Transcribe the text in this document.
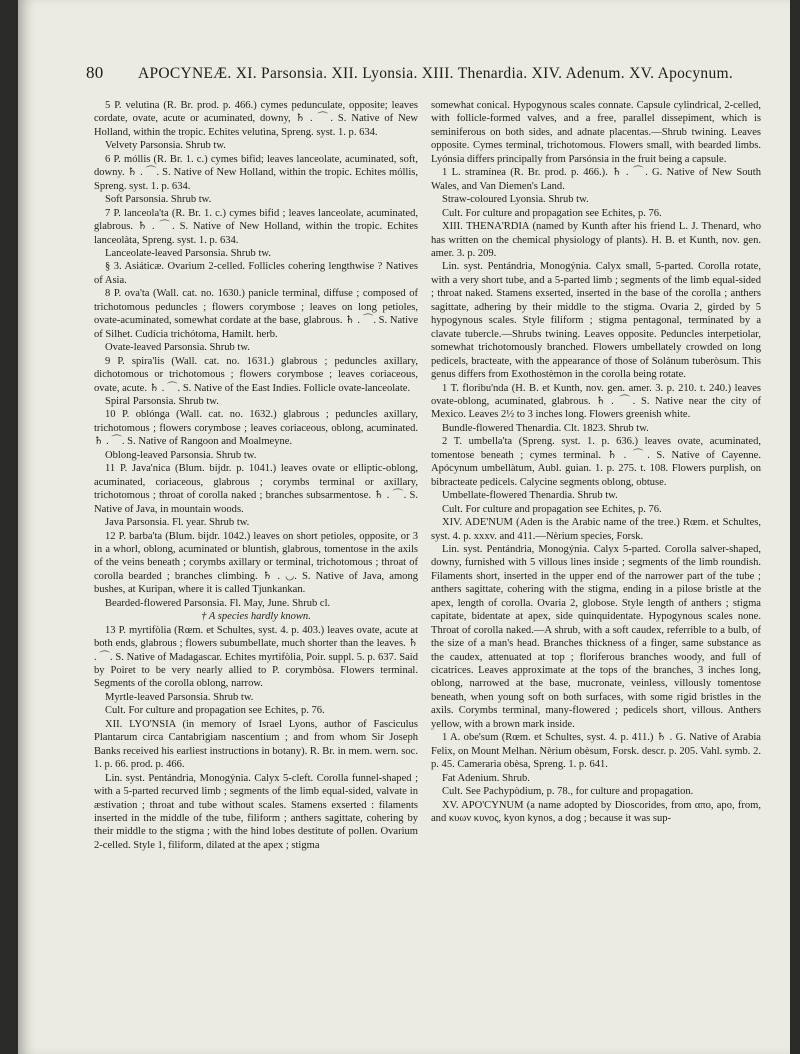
80 APOCYNEÆ. XI. Parsonsia. XII. Lyonsia. XIII. Thenardia. XIV. Adenum. XV. Apocynum.

5 P. velutìna (R. Br. prod. p. 466.) cymes pedunculate, opposite; leaves cordate, ovate, acute or acuminated, downy, ♄ . ⌒. S. Native of New Holland, within the tropic. Echites velutìna, Spreng. syst. 1. p. 634.

Velvety Parsonsia. Shrub tw.

6 P. móllis (R. Br. 1. c.) cymes bifid; leaves lanceolate, acuminated, soft, downy. ♄ . ⌒. S. Native of New Holland, within the tropic. Echìtes móllis, Spreng. syst. 1. p. 634.

Soft Parsonsia. Shrub tw.

7 P. lanceola'ta (R. Br. 1. c.) cymes bifid ; leaves lanceolate, acuminated, glabrous. ♄ . ⌒. S. Native of New Holland, within the tropic. Echites lanceolàta, Spreng. syst. 1. p. 634.

Lanceolate-leaved Parsonsia. Shrub tw.

§ 3. Asiáticæ. Ovarium 2-celled. Follicles cohering lengthwise ? Natives of Asia.

8 P. ova'ta (Wall. cat. no. 1630.) panicle terminal, diffuse ; composed of trichotomous peduncles ; flowers corymbose ; leaves on long petioles, ovate-acuminated, somewhat cordate at the base, glabrous. ♄ . ⌒. S. Native of Silhet. Cudícia trichótoma, Hamilt. herb.

Ovate-leaved Parsonsia. Shrub tw.

9 P. spira'lis (Wall. cat. no. 1631.) glabrous ; peduncles axillary, dichotomous or trichotomous ; flowers corymbose ; leaves coriaceous, ovate, acute. ♄ . ⌒. S. Native of the East Indies. Follicle ovate-lanceolate.

Spiral Parsonsia. Shrub tw.

10 P. oblónga (Wall. cat. no. 1632.) glabrous ; peduncles axillary, trichotomous ; flowers corymbose ; leaves coriaceous, oblong, acuminated. ♄ . ⌒. S. Native of Rangoon and Moalmeyne.

Oblong-leaved Parsonsia. Shrub tw.

11 P. Java'nica (Blum. bijdr. p. 1041.) leaves ovate or elliptic-oblong, acuminated, coriaceous, glabrous ; corymbs terminal or axillary, trichotomous ; throat of corolla naked ; branches subsarmentose. ♄ . ⌒. S. Native of Java, in mountain woods.

Java Parsonsia. Fl. year. Shrub tw.

12 P. barba'ta (Blum. bijdr. 1042.) leaves on short petioles, opposite, or 3 in a whorl, oblong, acuminated or bluntish, glabrous, tomentose in the axils of the veins beneath ; corymbs axillary or terminal, trichotomous ; throat of corolla bearded ; branches climbing. ♄ . ◡. S. Native of Java, among bushes, at Kuripan, where it is called Tjunkankan.

Bearded-flowered Parsonsia. Fl. May, June. Shrub cl.

† A species hardly known.

13 P. myrtifòlia (Rœm. et Schultes, syst. 4. p. 403.) leaves ovate, acute at both ends, glabrous ; flowers subumbellate, much shorter than the leaves. ♄ . ⌒. S. Native of Madagascar. Echites myrtifòlia, Poir. suppl. 5. p. 637. Said by Poiret to be very nearly allied to P. corymbòsa. Flowers terminal. Segments of the corolla oblong, narrow.

Myrtle-leaved Parsonsia. Shrub tw.

Cult. For culture and propagation see Echites, p. 76.

XII. LYO'NSIA (in memory of Israel Lyons, author of Fasciculus Plantarum circa Cantabrigiam nascentium ; and from whom Sir Joseph Banks received his earliest instructions in botany). R. Br. in mem. wern. soc. 1. p. 66. prod. p. 466.

Lin. syst. Pentándria, Monogýnia. Calyx 5-cleft. Corolla funnel-shaped ; with a 5-parted recurved limb ; segments of the limb equal-sided, valvate in æstivation ; throat and tube without scales. Stamens exserted : filaments inserted in the middle of the tube, filiform ; anthers sagittate, cohering by their middle to the stigma ; with the hind lobes destitute of pollen. Ovarium 2-celled. Style 1, filiform, dilated at the apex ; stigma

somewhat conical. Hypogynous scales connate. Capsule cylindrical, 2-celled, with follicle-formed valves, and a free, parallel dissepiment, which is seminiferous on both sides, and adnate placentas.—Shrub twining. Leaves opposite. Cymes terminal, trichotomous. Flowers small, with bearded limbs. Lyónsia differs principally from Parsónsia in the fruit being a capsule.

1 L. stramínea (R. Br. prod. p. 466.). ♄ . ⌒. G. Native of New South Wales, and Van Diemen's Land.

Straw-coloured Lyonsia. Shrub tw.

Cult. For culture and propagation see Echites, p. 76.

XIII. THENA'RDIA (named by Kunth after his friend L. J. Thenard, who has written on the chemical physiology of plants). H. B. et Kunth, nov. gen. amer. 3. p. 209.

Lin. syst. Pentándria, Monogýnia. Calyx small, 5-parted. Corolla rotate, with a very short tube, and a 5-parted limb ; segments of the limb equal-sided ; throat naked. Stamens exserted, inserted in the base of the corolla ; anthers sagittate, adhering by their middle to the stigma. Ovaria 2, girded by 5 hypogynous scales. Style filiform ; stigma pentagonal, terminated by a clavate tubercle.—Shrubs twining. Leaves opposite. Peduncles interpetiolar, somewhat trichotomously branched. Flowers umbellately crowded on long pedicels, bracteate, with the appearance of those of Solánum tuberòsum. This genus differs from Exothostèmon in the corolla being rotate.

1 T. floribu'nda (H. B. et Kunth, nov. gen. amer. 3. p. 210. t. 240.) leaves ovate-oblong, acuminated, glabrous. ♄ . ⌒. S. Native near the city of Mexico. Leaves 2½ to 3 inches long. Flowers greenish white.

Bundle-flowered Thenardia. Clt. 1823. Shrub tw.

2 T. umbella'ta (Spreng. syst. 1. p. 636.) leaves ovate, acuminated, tomentose beneath ; cymes terminal. ♄ . ⌒. S. Native of Cayenne. Apócynum umbellàtum, Aubl. guian. 1. p. 275. t. 108. Flowers purplish, on bibracteate pedicels. Calycine segments oblong, obtuse.

Umbellate-flowered Thenardia. Shrub tw.

Cult. For culture and propagation see Echites, p. 76.

XIV. ADE'NUM (Aden is the Arabic name of the tree.) Rœm. et Schultes, syst. 4. p. xxxv. and 411.—Nèrium species, Forsk.

Lin. syst. Pentándria, Monogýnia. Calyx 5-parted. Corolla salver-shaped, downy, furnished with 5 villous lines inside ; segments of the limb roundish. Filaments short, inserted in the upper end of the narrower part of the tube ; anthers sagittate, cohering with the stigma, ending in a pilose bristle at the apex, length of corolla. Ovaria 2, globose. Style length of anthers ; stigma capitate, bidentate at apex, side quinquidentate. Hypogynous scales none. Throat of corolla naked.—A shrub, with a soft caudex, referrible to a bulb, of the size of a man's head. Branches thickness of a finger, same substance as the caudex, attenuated at top ; floriferous branches woody, and full of cicatrices. Leaves approximate at the tops of the branches, 3 inches long, oblong, narrowed at the base, mucronate, veinless, villously tomentose beneath, when young soft on both surfaces, with some rigid bristles in the axils. Corymbs terminal, many-flowered ; pedicels short, villous. Anthers yellow, with a brown mark inside.

1 A. obe'sum (Rœm. et Schultes, syst. 4. p. 411.) ♄ . G. Native of Arabia Felix, on Mount Melhan. Nèrium obèsum, Forsk. descr. p. 205. Vahl. symb. 2. p. 45. Cameraria obèsa, Spreng. 1. p. 641.

Fat Adenium. Shrub.

Cult. See Pachypòdium, p. 78., for culture and propagation.

XV. APO'CYNUM (a name adopted by Dioscorides, from απο, apo, from, and κυων κυνος, kyon kynos, a dog ; because it was sup-
